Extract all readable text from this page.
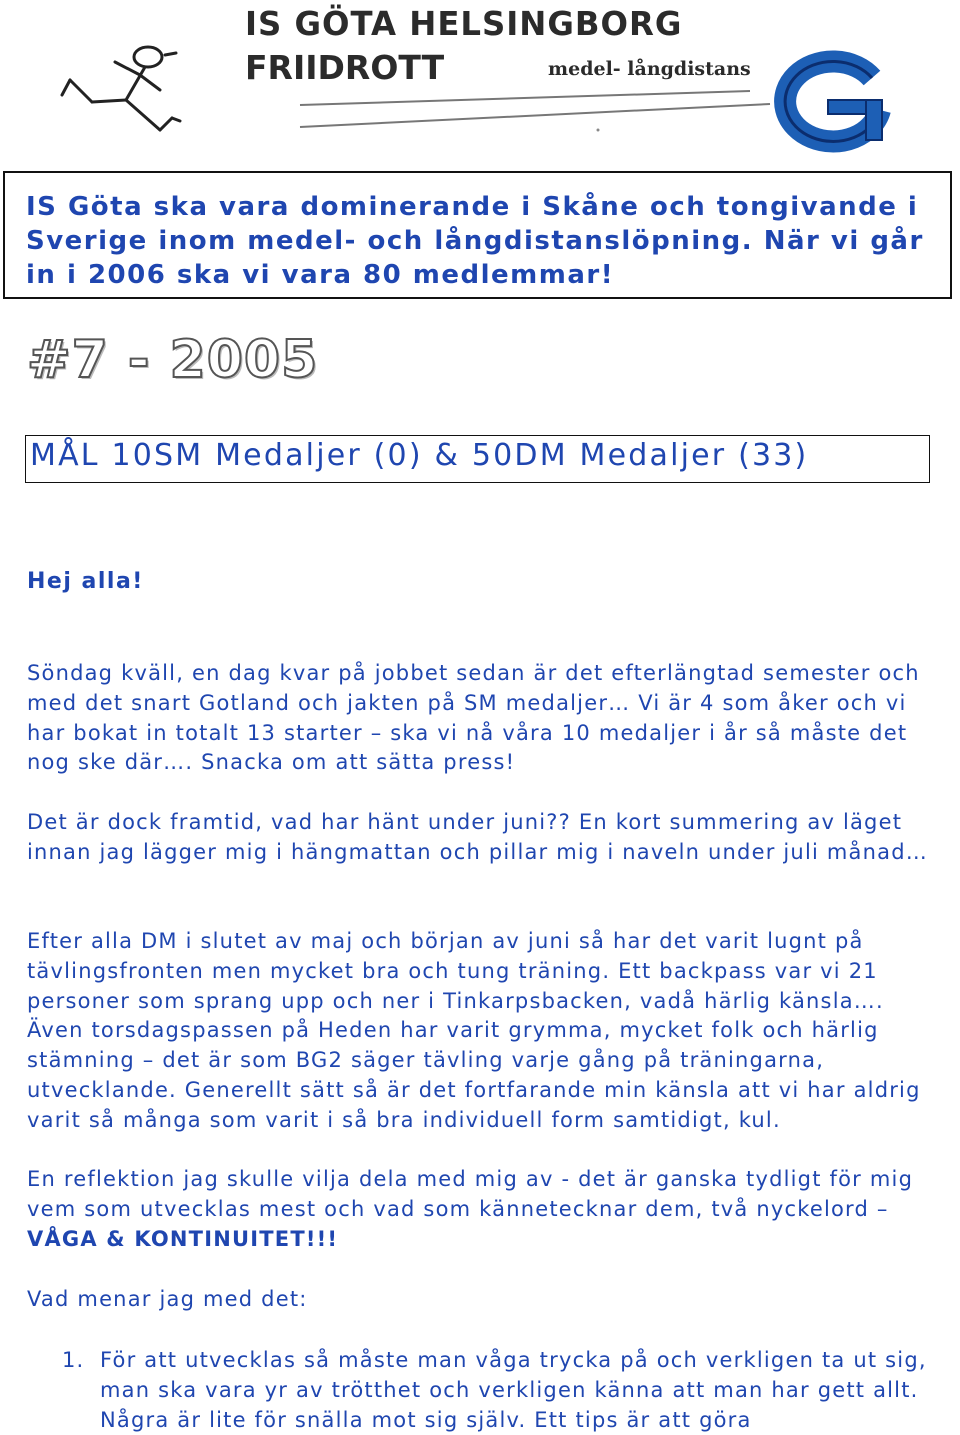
IS GÖTA HELSINGBORG
FRIIDROTT	medel- långdistans

IS Göta ska vara dominerande i Skåne och tongivande i Sverige inom medel- och långdistanslöpning. När vi går in i 2006 ska vi vara 80 medlemmar!

#7 - 2005
MÅL 10SM Medaljer (0) & 50DM Medaljer (33)
Hej alla!

Söndag kväll, en dag kvar på jobbet sedan är det efterlängtad semester och med det snart Gotland och jakten på SM medaljer… Vi är 4 som åker och vi har bokat in totalt 13 starter – ska vi nå våra 10 medaljer i år så måste det nog ske där…. Snacka om att sätta press!

Det är dock framtid, vad har hänt under juni?? En kort summering av läget innan jag lägger mig i hängmattan och pillar mig i naveln under juli månad…

Efter alla DM i slutet av maj och början av juni så har det varit lugnt på tävlingsfronten men mycket bra och tung träning. Ett backpass var vi 21 personer som sprang upp och ner i Tinkarpsbacken, vadå härlig känsla…. Även torsdagspassen på Heden har varit grymma, mycket folk och härlig stämning – det är som BG2 säger tävling varje gång på träningarna, utvecklande. Generellt sätt så är det fortfarande min känsla att vi har aldrig varit så många som varit i så bra individuell form samtidigt, kul.

En reflektion jag skulle vilja dela med mig av - det är ganska tydligt för mig vem som utvecklas mest och vad som kännetecknar dem, två nyckelord – VÅGA & KONTINUITET!!!

Vad menar jag med det:

1. För att utvecklas så måste man våga trycka på och verkligen ta ut sig, man ska vara yr av trötthet och verkligen känna att man har gett allt. Några är lite för snälla mot sig själv. Ett tips är att göra
